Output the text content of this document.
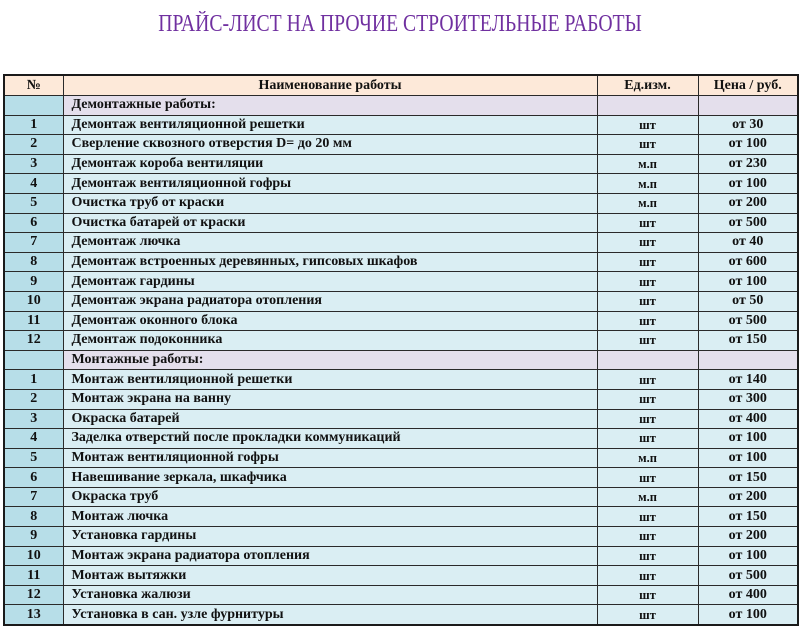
ПРАЙС-ЛИСТ НА ПРОЧИЕ СТРОИТЕЛЬНЫЕ РАБОТЫ
№	Наименование работы	Ед.изм.	Цена / руб.
	Демонтажные работы:		
1	Демонтаж вентиляционной решетки	шт	от 30
2	Сверление сквозного отверстия D= до 20 мм	шт	от 100
3	Демонтаж короба вентиляции	м.п	от 230
4	Демонтаж вентиляционной гофры	м.п	от 100
5	Очистка труб от краски	м.п	от 200
6	Очистка батарей от краски	шт	от 500
7	Демонтаж лючка	шт	от 40
8	Демонтаж встроенных деревянных, гипсовых шкафов	шт	от 600
9	Демонтаж гардины	шт	от 100
10	Демонтаж экрана радиатора отопления	шт	от 50
11	Демонтаж оконного блока	шт	от 500
12	Демонтаж подоконника	шт	от 150
	Монтажные работы:		
1	Монтаж вентиляционной решетки	шт	от 140
2	Монтаж экрана на ванну	шт	от 300
3	Окраска батарей	шт	от 400
4	Заделка отверстий после прокладки коммуникаций	шт	от 100
5	Монтаж вентиляционной гофры	м.п	от 100
6	Навешивание зеркала, шкафчика	шт	от 150
7	Окраска труб	м.п	от 200
8	Монтаж лючка	шт	от 150
9	Установка гардины	шт	от 200
10	Монтаж экрана радиатора отопления	шт	от 100
11	Монтаж вытяжки	шт	от 500
12	Установка жалюзи	шт	от 400
13	Установка в сан. узле фурнитуры	шт	от 100
